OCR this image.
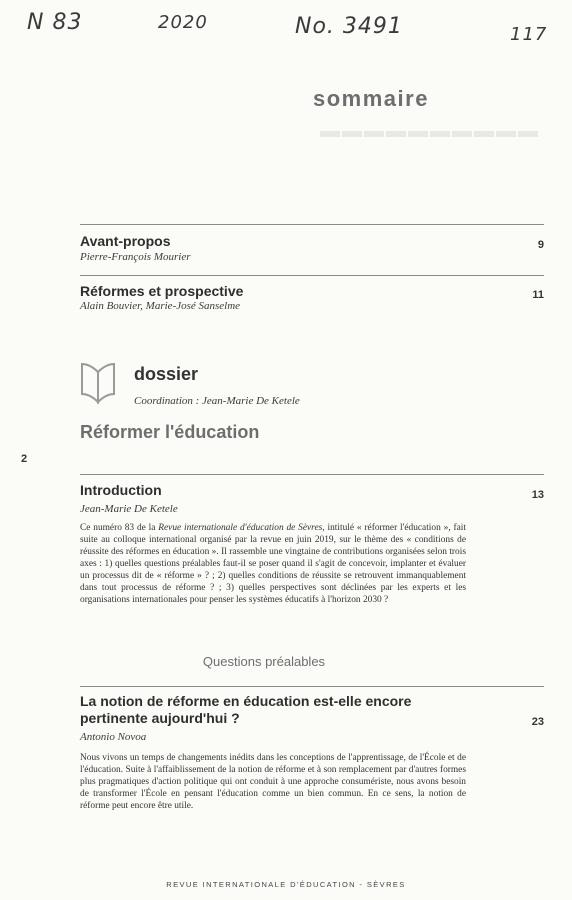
N 83	2020	No. 3491	117
▬▬▬▬▬▬▬▬▬▬
sommaire
Avant-propos
Pierre-François Mourier
9
Réformes et prospective
Alain Bouvier, Marie-José Sanselme
11
dossier
Coordination : Jean-Marie De Ketele
Réformer l'éducation
2
Introduction
Jean-Marie De Ketele
13
Ce numéro 83 de la Revue internationale d'éducation de Sèvres, intitulé « réformer l'éducation », fait suite au colloque international organisé par la revue en juin 2019, sur le thème des « conditions de réussite des réformes en éducation ». Il rassemble une vingtaine de contributions organisées selon trois axes : 1) quelles questions préalables faut-il se poser quand il s'agit de concevoir, implanter et évaluer un processus dit de « réforme » ? ; 2) quelles conditions de réussite se retrouvent immanquablement dans tout processus de réforme ? ; 3) quelles perspectives sont déclinées par les experts et les organisations internationales pour penser les systèmes éducatifs à l'horizon 2030 ?
Questions préalables
La notion de réforme en éducation est-elle encore
pertinente aujourd'hui ?
Antonio Novoa
23
Nous vivons un temps de changements inédits dans les conceptions de l'apprentissage, de l'École et de l'éducation. Suite à l'affaiblissement de la notion de réforme et à son remplacement par d'autres formes plus pragmatiques d'action politique qui ont conduit à une approche consumériste, nous avons besoin de transformer l'École en pensant l'éducation comme un bien commun. En ce sens, la notion de réforme peut encore être utile.
REVUE INTERNATIONALE D'ÉDUCATION - SÈVRES
